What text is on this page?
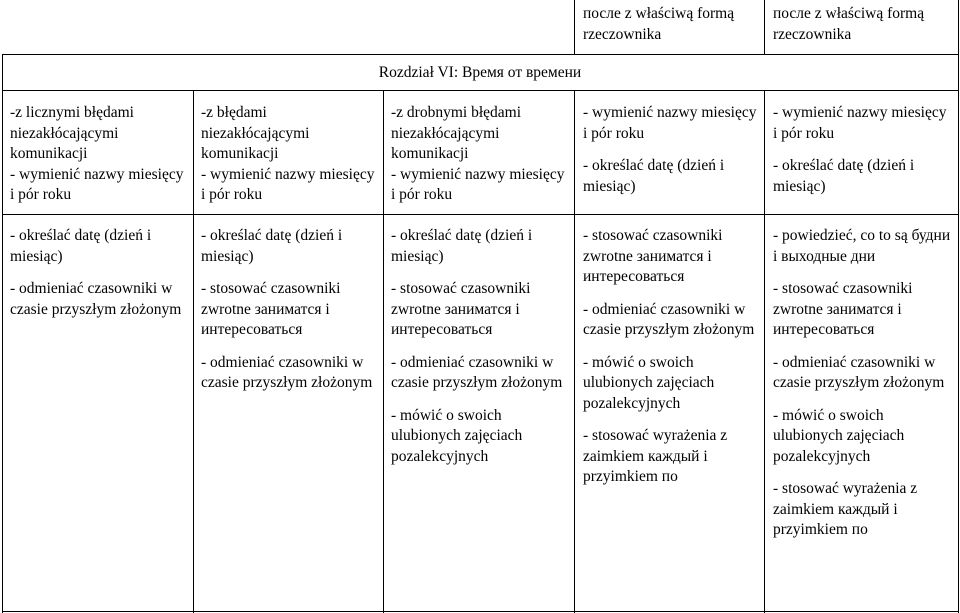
после z właściwą formą rzeczownika

после z właściwą formą rzeczownika

Rozdział VI: Время от времени

-z licznymi błędami niezakłócającymi komunikacji

- wymienić nazwy miesięcy i pór roku

-z błędami niezakłócającymi komunikacji

- wymienić nazwy miesięcy i pór roku

-z drobnymi błędami niezakłócającymi komunikacji

- wymienić nazwy miesięcy i pór roku

- wymienić nazwy miesięcy i pór roku

- określać datę (dzień i miesiąc)

- wymienić nazwy miesięcy i pór roku

- określać datę (dzień i miesiąc)

- określać datę (dzień i miesiąc)

- odmieniać czasowniki w czasie przyszłym złożonym

- określać datę (dzień i miesiąc)

- stosować czasowniki zwrotne заниматся i интересоваться

- odmieniać czasowniki w czasie przyszłym złożonym

- określać datę (dzień i miesiąc)

- stosować czasowniki zwrotne заниматся i интересоваться

- odmieniać czasowniki w czasie przyszłym złożonym

- mówić o swoich ulubionych zajęciach pozalekcyjnych

- stosować czasowniki zwrotne заниматся i интересоваться

- odmieniać czasowniki w czasie przyszłym złożonym

- mówić o swoich ulubionych zajęciach pozalekcyjnych

- stosować wyrażenia z zaimkiem каждый i przyimkiem по

- powiedzieć, co to są будни і выходные дни

- stosować czasowniki zwrotne заниматся i интересоваться

- odmieniać czasowniki w czasie przyszłym złożonym

- mówić o swoich ulubionych zajęciach pozalekcyjnych

- stosować wyrażenia z zaimkiem каждый i przyimkiem по
